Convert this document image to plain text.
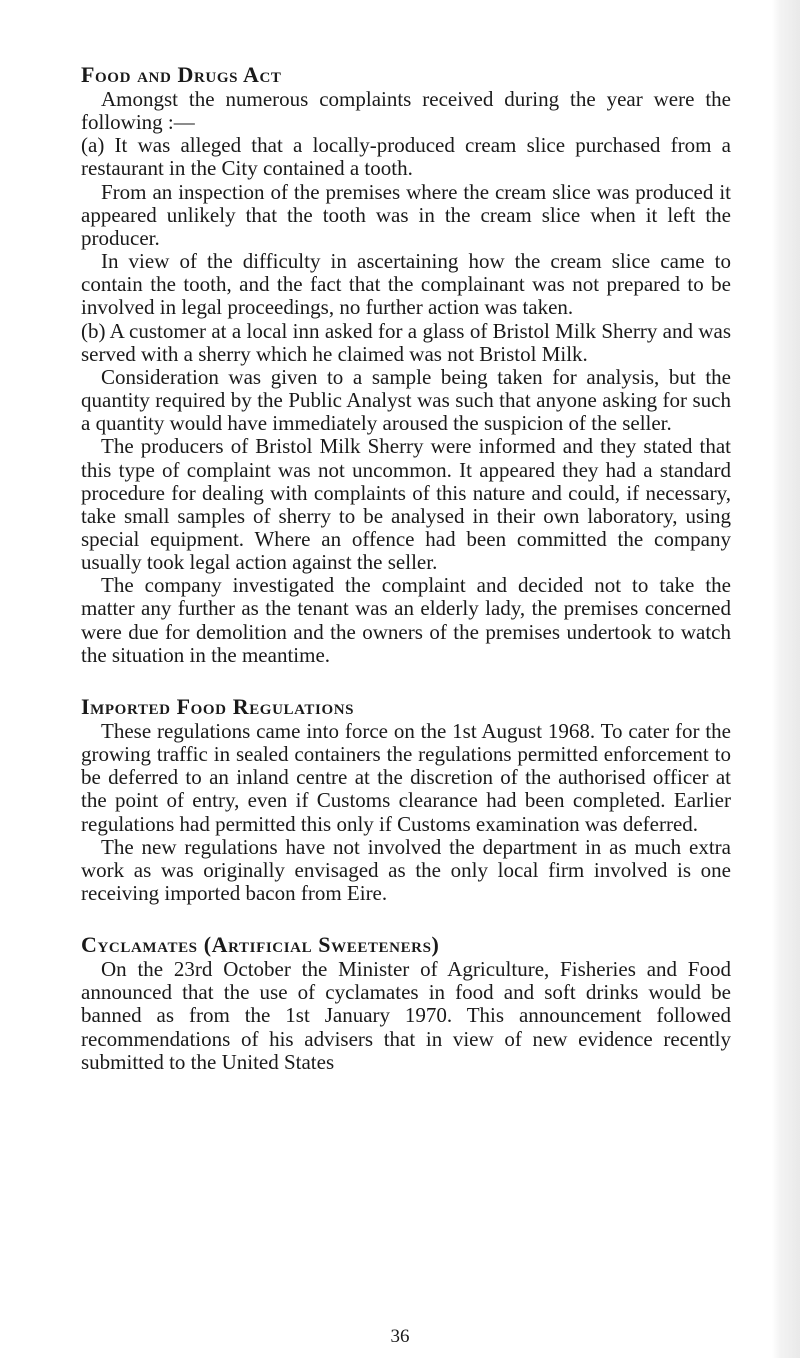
Food and Drugs Act

Amongst the numerous complaints received during the year were the following :—

(a) It was alleged that a locally-produced cream slice purchased from a restaurant in the City contained a tooth.

From an inspection of the premises where the cream slice was produced it appeared unlikely that the tooth was in the cream slice when it left the producer.

In view of the difficulty in ascertaining how the cream slice came to contain the tooth, and the fact that the complainant was not prepared to be involved in legal proceedings, no further action was taken.

(b) A customer at a local inn asked for a glass of Bristol Milk Sherry and was served with a sherry which he claimed was not Bristol Milk.

Consideration was given to a sample being taken for analysis, but the quantity required by the Public Analyst was such that anyone asking for such a quantity would have immediately aroused the suspicion of the seller.

The producers of Bristol Milk Sherry were informed and they stated that this type of complaint was not uncommon. It appeared they had a standard procedure for dealing with complaints of this nature and could, if necessary, take small samples of sherry to be analysed in their own laboratory, using special equipment. Where an offence had been committed the company usually took legal action against the seller.

The company investigated the complaint and decided not to take the matter any further as the tenant was an elderly lady, the premises concerned were due for demolition and the owners of the premises undertook to watch the situation in the meantime.

Imported Food Regulations

These regulations came into force on the 1st August 1968. To cater for the growing traffic in sealed containers the regulations permitted enforcement to be deferred to an inland centre at the discretion of the authorised officer at the point of entry, even if Customs clearance had been completed. Earlier regulations had permitted this only if Customs examination was deferred.

The new regulations have not involved the department in as much extra work as was originally envisaged as the only local firm involved is one receiving imported bacon from Eire.

Cyclamates (Artificial Sweeteners)

On the 23rd October the Minister of Agriculture, Fisheries and Food announced that the use of cyclamates in food and soft drinks would be banned as from the 1st January 1970. This announcement followed recommendations of his advisers that in view of new evidence recently submitted to the United States

36
